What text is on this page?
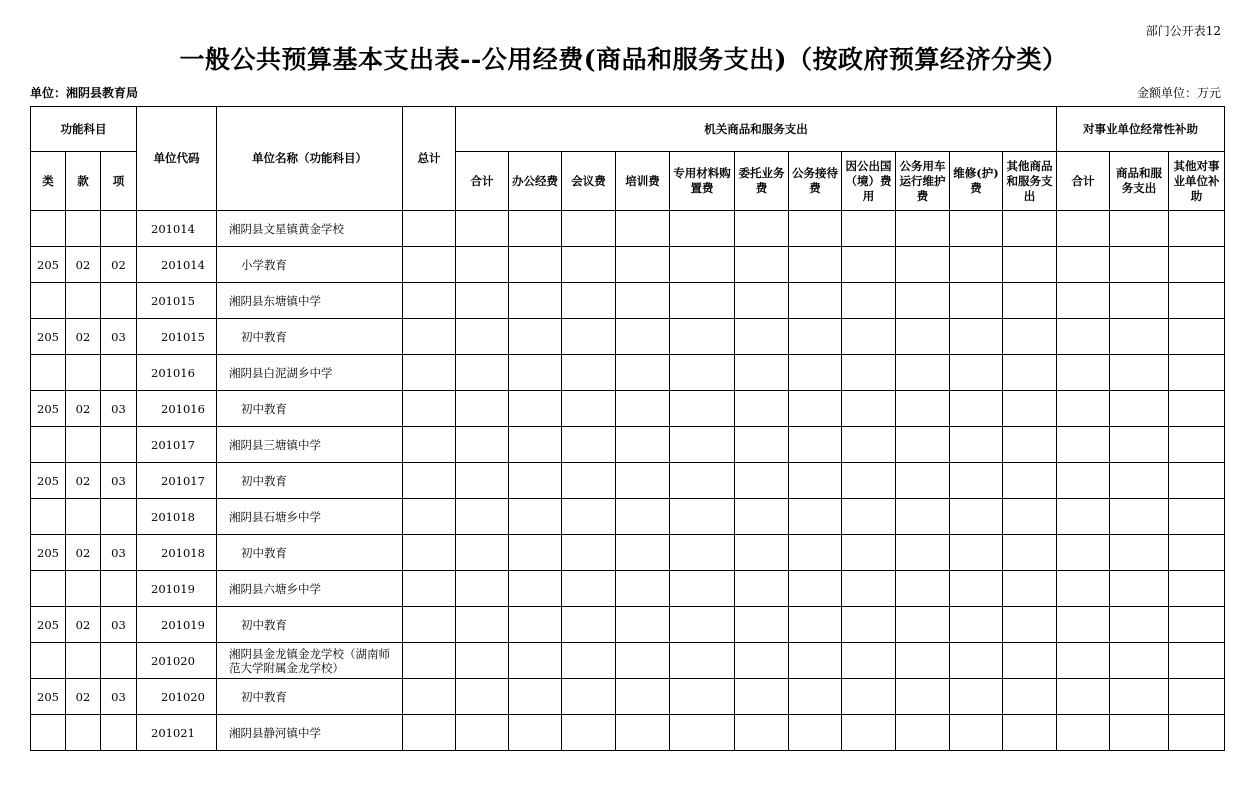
部门公开表12
一般公共预算基本支出表--公用经费(商品和服务支出)（按政府预算经济分类）
单位：湘阴县教育局	金额单位：万元
功能科目			单位代码	单位名称（功能科目）	总计	机关商品和服务支出											对事业单位经常性补助		
类	款	项				合计	办公经费	会议费	培训费	专用材料购置费	委托业务费	公务接待费	因公出国（境）费用	公务用车运行维护费	维修(护)费	其他商品和服务支出	合计	商品和服务支出	其他对事业单位补助
			201014	湘阴县文星镇黄金学校															
205	02	02	201014	小学教育															
			201015	湘阴县东塘镇中学															
205	02	03	201015	初中教育															
			201016	湘阴县白泥湖乡中学															
205	02	03	201016	初中教育															
			201017	湘阴县三塘镇中学															
205	02	03	201017	初中教育															
			201018	湘阴县石塘乡中学															
205	02	03	201018	初中教育															
			201019	湘阴县六塘乡中学															
205	02	03	201019	初中教育															
			201020	湘阴县金龙镇金龙学校（湖南师范大学附属金龙学校）															
205	02	03	201020	初中教育															
			201021	湘阴县静河镇中学															
